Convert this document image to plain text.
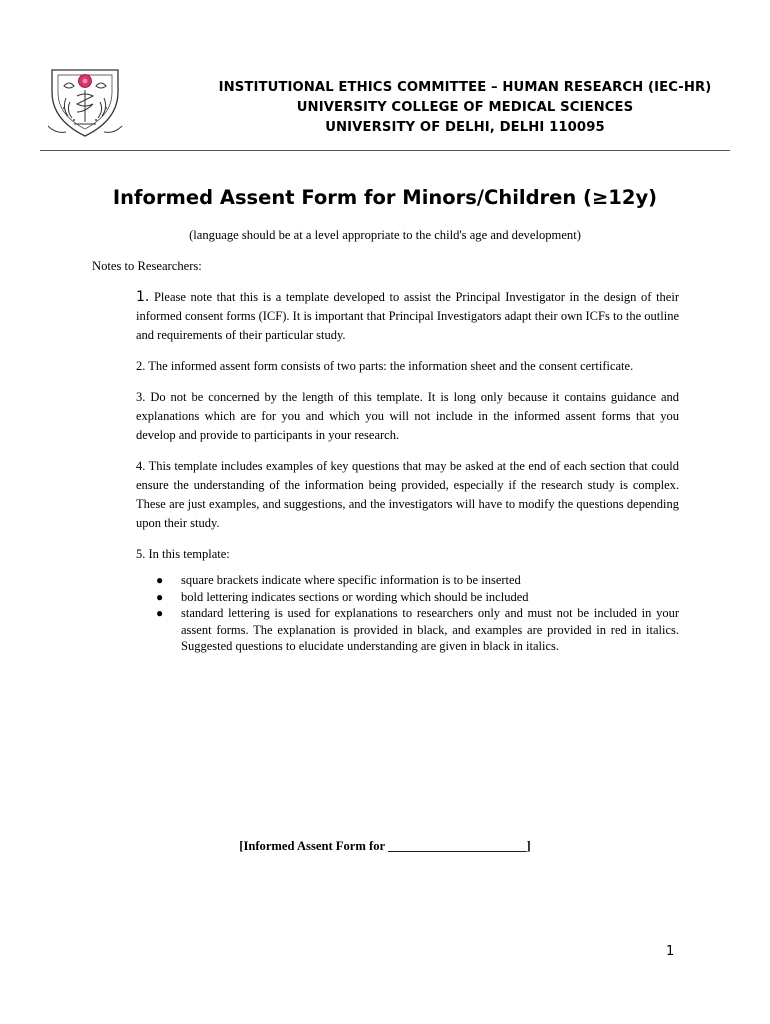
INSTITUTIONAL ETHICS COMMITTEE – HUMAN RESEARCH (IEC-HR)
UNIVERSITY COLLEGE OF MEDICAL SCIENCES
UNIVERSITY OF DELHI, DELHI 110095
Informed Assent Form for Minors/Children (≥12y)
(language should be at a level appropriate to the child's age and development)
Notes to Researchers:

1. Please note that this is a template developed to assist the Principal Investigator in the design of their informed consent forms (ICF). It is important that Principal Investigators adapt their own ICFs to the outline and requirements of their particular study.

2. The informed assent form consists of two parts: the information sheet and the consent certificate.

3. Do not be concerned by the length of this template. It is long only because it contains guidance and explanations which are for you and which you will not include in the informed assent forms that you develop and provide to participants in your research.

4. This template includes examples of key questions that may be asked at the end of each section that could ensure the understanding of the information being provided, especially if the research study is complex. These are just examples, and suggestions, and the investigators will have to modify the questions depending upon their study.

5. In this template:

● square brackets indicate where specific information is to be inserted
● bold lettering indicates sections or wording which should be included
● standard lettering is used for explanations to researchers only and must not be included in your assent forms. The explanation is provided in black, and examples are provided in red in italics. Suggested questions to elucidate understanding are given in black in italics.
[Informed Assent Form for ______________________]
1
